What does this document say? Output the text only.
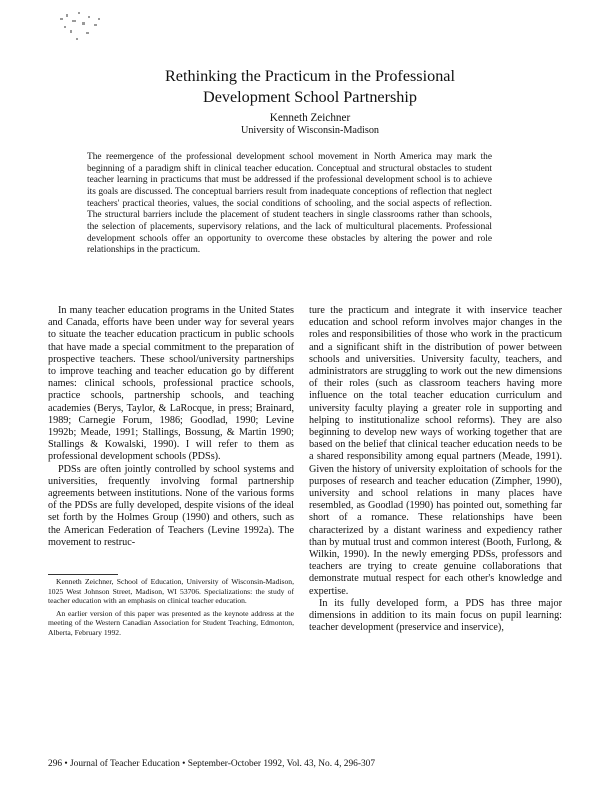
Rethinking the Practicum in the Professional
Development School Partnership
Kenneth Zeichner
University of Wisconsin-Madison

The reemergence of the professional development school movement in North America may mark the beginning of a paradigm shift in clinical teacher education. Conceptual and structural obstacles to student teacher learning in practicums that must be addressed if the professional development school is to achieve its goals are discussed. The conceptual barriers result from inadequate conceptions of reflection that neglect teachers' practical theories, values, the social conditions of schooling, and the social aspects of reflection. The structural barriers include the placement of student teachers in single classrooms rather than schools, the selection of placements, supervisory relations, and the lack of multicultural placements. Professional development schools offer an opportunity to overcome these obstacles by altering the power and role relationships in the practicum.

In many teacher education programs in the United States and Canada, efforts have been under way for several years to situate the teacher education practicum in public schools that have made a special commitment to the preparation of prospective teachers. These school/university partnerships to improve teaching and teacher education go by different names: clinical schools, professional practice schools, practice schools, partnership schools, and teaching academies (Berys, Taylor, & LaRocque, in press; Brainard, 1989; Carnegie Forum, 1986; Goodlad, 1990; Levine 1992b; Meade, 1991; Stallings, Bossung, & Martin 1990; Stallings & Kowalski, 1990). I will refer to them as professional development schools (PDSs).

PDSs are often jointly controlled by school systems and universities, frequently involving formal partnership agreements between institutions. None of the various forms of the PDSs are fully developed, despite visions of the ideal set forth by the Holmes Group (1990) and others, such as the American Federation of Teachers (Levine 1992a). The movement to restruc-

ture the practicum and integrate it with inservice teacher education and school reform involves major changes in the roles and responsibilities of those who work in the practicum and a significant shift in the distribution of power between schools and universities. University faculty, teachers, and administrators are struggling to work out the new dimensions of their roles (such as classroom teachers having more influence on the total teacher education curriculum and university faculty playing a greater role in supporting and helping to institutionalize school reforms). They are also beginning to develop new ways of working together that are based on the belief that clinical teacher education needs to be a shared responsibility among equal partners (Meade, 1991). Given the history of university exploitation of schools for the purposes of research and teacher education (Zimpher, 1990), university and school relations in many places have resembled, as Goodlad (1990) has pointed out, something far short of a romance. These relationships have been characterized by a distant wariness and expediency rather than by mutual trust and common interest (Booth, Furlong, & Wilkin, 1990). In the newly emerging PDSs, professors and teachers are trying to create genuine collaborations that demonstrate mutual respect for each other's knowledge and expertise.

In its fully developed form, a PDS has three major dimensions in addition to its main focus on pupil learning: teacher development (preservice and inservice),

Kenneth Zeichner, School of Education, University of Wisconsin-Madison, 1025 West Johnson Street, Madison, WI 53706. Specializations: the study of teacher education with an emphasis on clinical teacher education.

An earlier version of this paper was presented as the keynote address at the meeting of the Western Canadian Association for Student Teaching, Edmonton, Alberta, February 1992.

296 • Journal of Teacher Education • September-October 1992, Vol. 43, No. 4, 296-307
